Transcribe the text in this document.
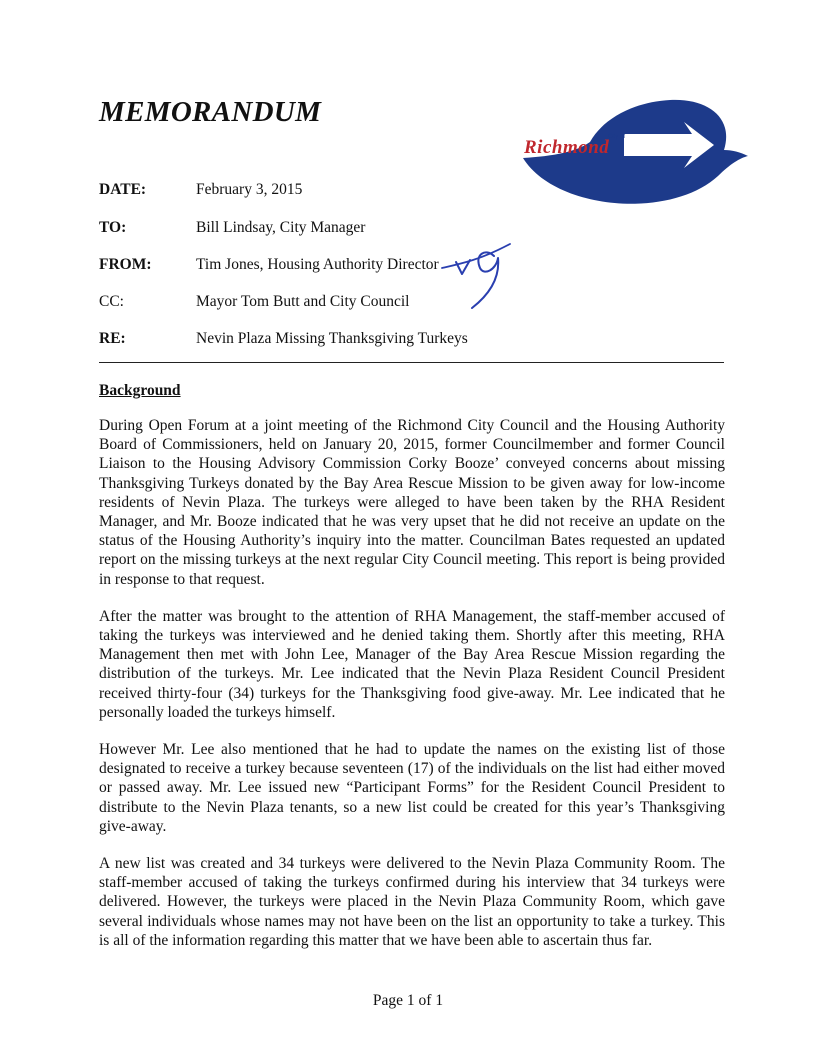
MEMORANDUM
City of
Richmond
DATE:	February 3, 2015
TO:	Bill Lindsay, City Manager
FROM:	Tim Jones, Housing Authority Director
CC:	Mayor Tom Butt and City Council
RE:	Nevin Plaza Missing Thanksgiving Turkeys
Background

During Open Forum at a joint meeting of the Richmond City Council and the Housing Authority Board of Commissioners, held on January 20, 2015, former Councilmember and former Council Liaison to the Housing Advisory Commission Corky Booze’ conveyed concerns about missing Thanksgiving Turkeys donated by the Bay Area Rescue Mission to be given away for low-income residents of Nevin Plaza. The turkeys were alleged to have been taken by the RHA Resident Manager, and Mr. Booze indicated that he was very upset that he did not receive an update on the status of the Housing Authority’s inquiry into the matter. Councilman Bates requested an updated report on the missing turkeys at the next regular City Council meeting. This report is being provided in response to that request.

After the matter was brought to the attention of RHA Management, the staff-member accused of taking the turkeys was interviewed and he denied taking them. Shortly after this meeting, RHA Management then met with John Lee, Manager of the Bay Area Rescue Mission regarding the distribution of the turkeys. Mr. Lee indicated that the Nevin Plaza Resident Council President received thirty-four (34) turkeys for the Thanksgiving food give-away. Mr. Lee indicated that he personally loaded the turkeys himself.

However Mr. Lee also mentioned that he had to update the names on the existing list of those designated to receive a turkey because seventeen (17) of the individuals on the list had either moved or passed away. Mr. Lee issued new “Participant Forms” for the Resident Council President to distribute to the Nevin Plaza tenants, so a new list could be created for this year’s Thanksgiving give-away.

A new list was created and 34 turkeys were delivered to the Nevin Plaza Community Room. The staff-member accused of taking the turkeys confirmed during his interview that 34 turkeys were delivered. However, the turkeys were placed in the Nevin Plaza Community Room, which gave several individuals whose names may not have been on the list an opportunity to take a turkey. This is all of the information regarding this matter that we have been able to ascertain thus far.

Page 1 of 1
